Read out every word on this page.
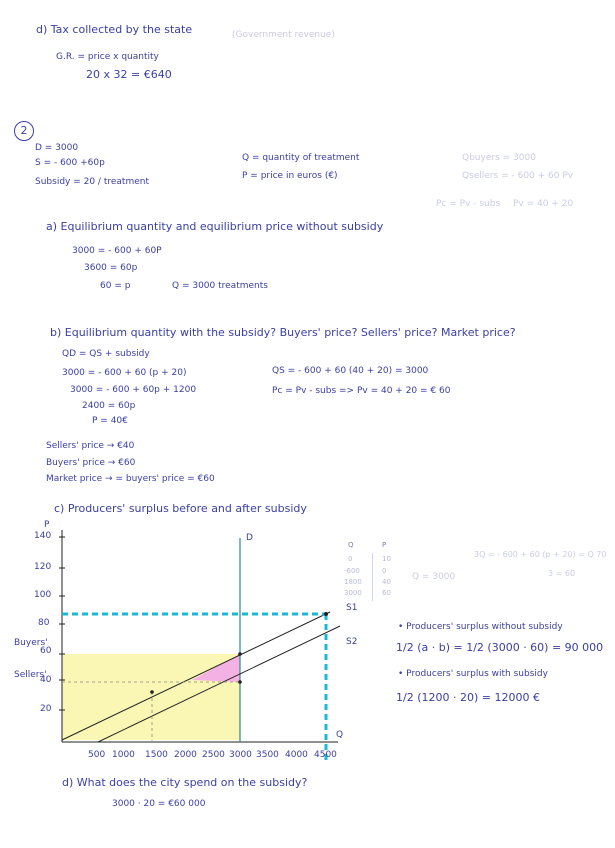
d) Tax collected by the state	(Government revenue)
G.R. = price x quantity
20 x 32 = €640
2
D = 3000
S = - 600 +60p
Subsidy = 20 / treatment
Q = quantity of treatment
P = price in euros (€)
Qbuyers = 3000
Qsellers = - 600 + 60 Pv
Pc = Pv - subs Pv = 40 + 20
a) Equilibrium quantity and equilibrium price without subsidy
3000 = - 600 + 60P
3600 = 60p
60 = p	Q = 3000 treatments
b) Equilibrium quantity with the subsidy? Buyers' price? Sellers' price? Market price?
QD = QS + subsidy
3000 = - 600 + 60 (p + 20)
3000 = - 600 + 60p + 1200
2400 = 60p
P = 40€
QS = - 600 + 60 (40 + 20) = 3000
Pc = Pv - subs => Pv = 40 + 20 = € 60
Sellers' price → €40
Buyers' price → €60
Market price → = buyers' price = €60
c) Producers' surplus before and after subsidy
P
140
120
100
80
60
40
20
Buyers'
Sellers'
D
S1
S2
Q
500 1000 1500 2000 2500 3000 3500 4000 4500
Q	P
0	10
-600	0
1800	40
3000	60
Q = 3000
3Q = - 600 + 60 (p + 20) = Q 70
3 = 60
• Producers' surplus without subsidy
1/2 (a · b) = 1/2 (3000 · 60) = 90 000
• Producers' surplus with subsidy
1/2 (1200 · 20) = 12000 €
d) What does the city spend on the subsidy?
3000 · 20 = €60 000
